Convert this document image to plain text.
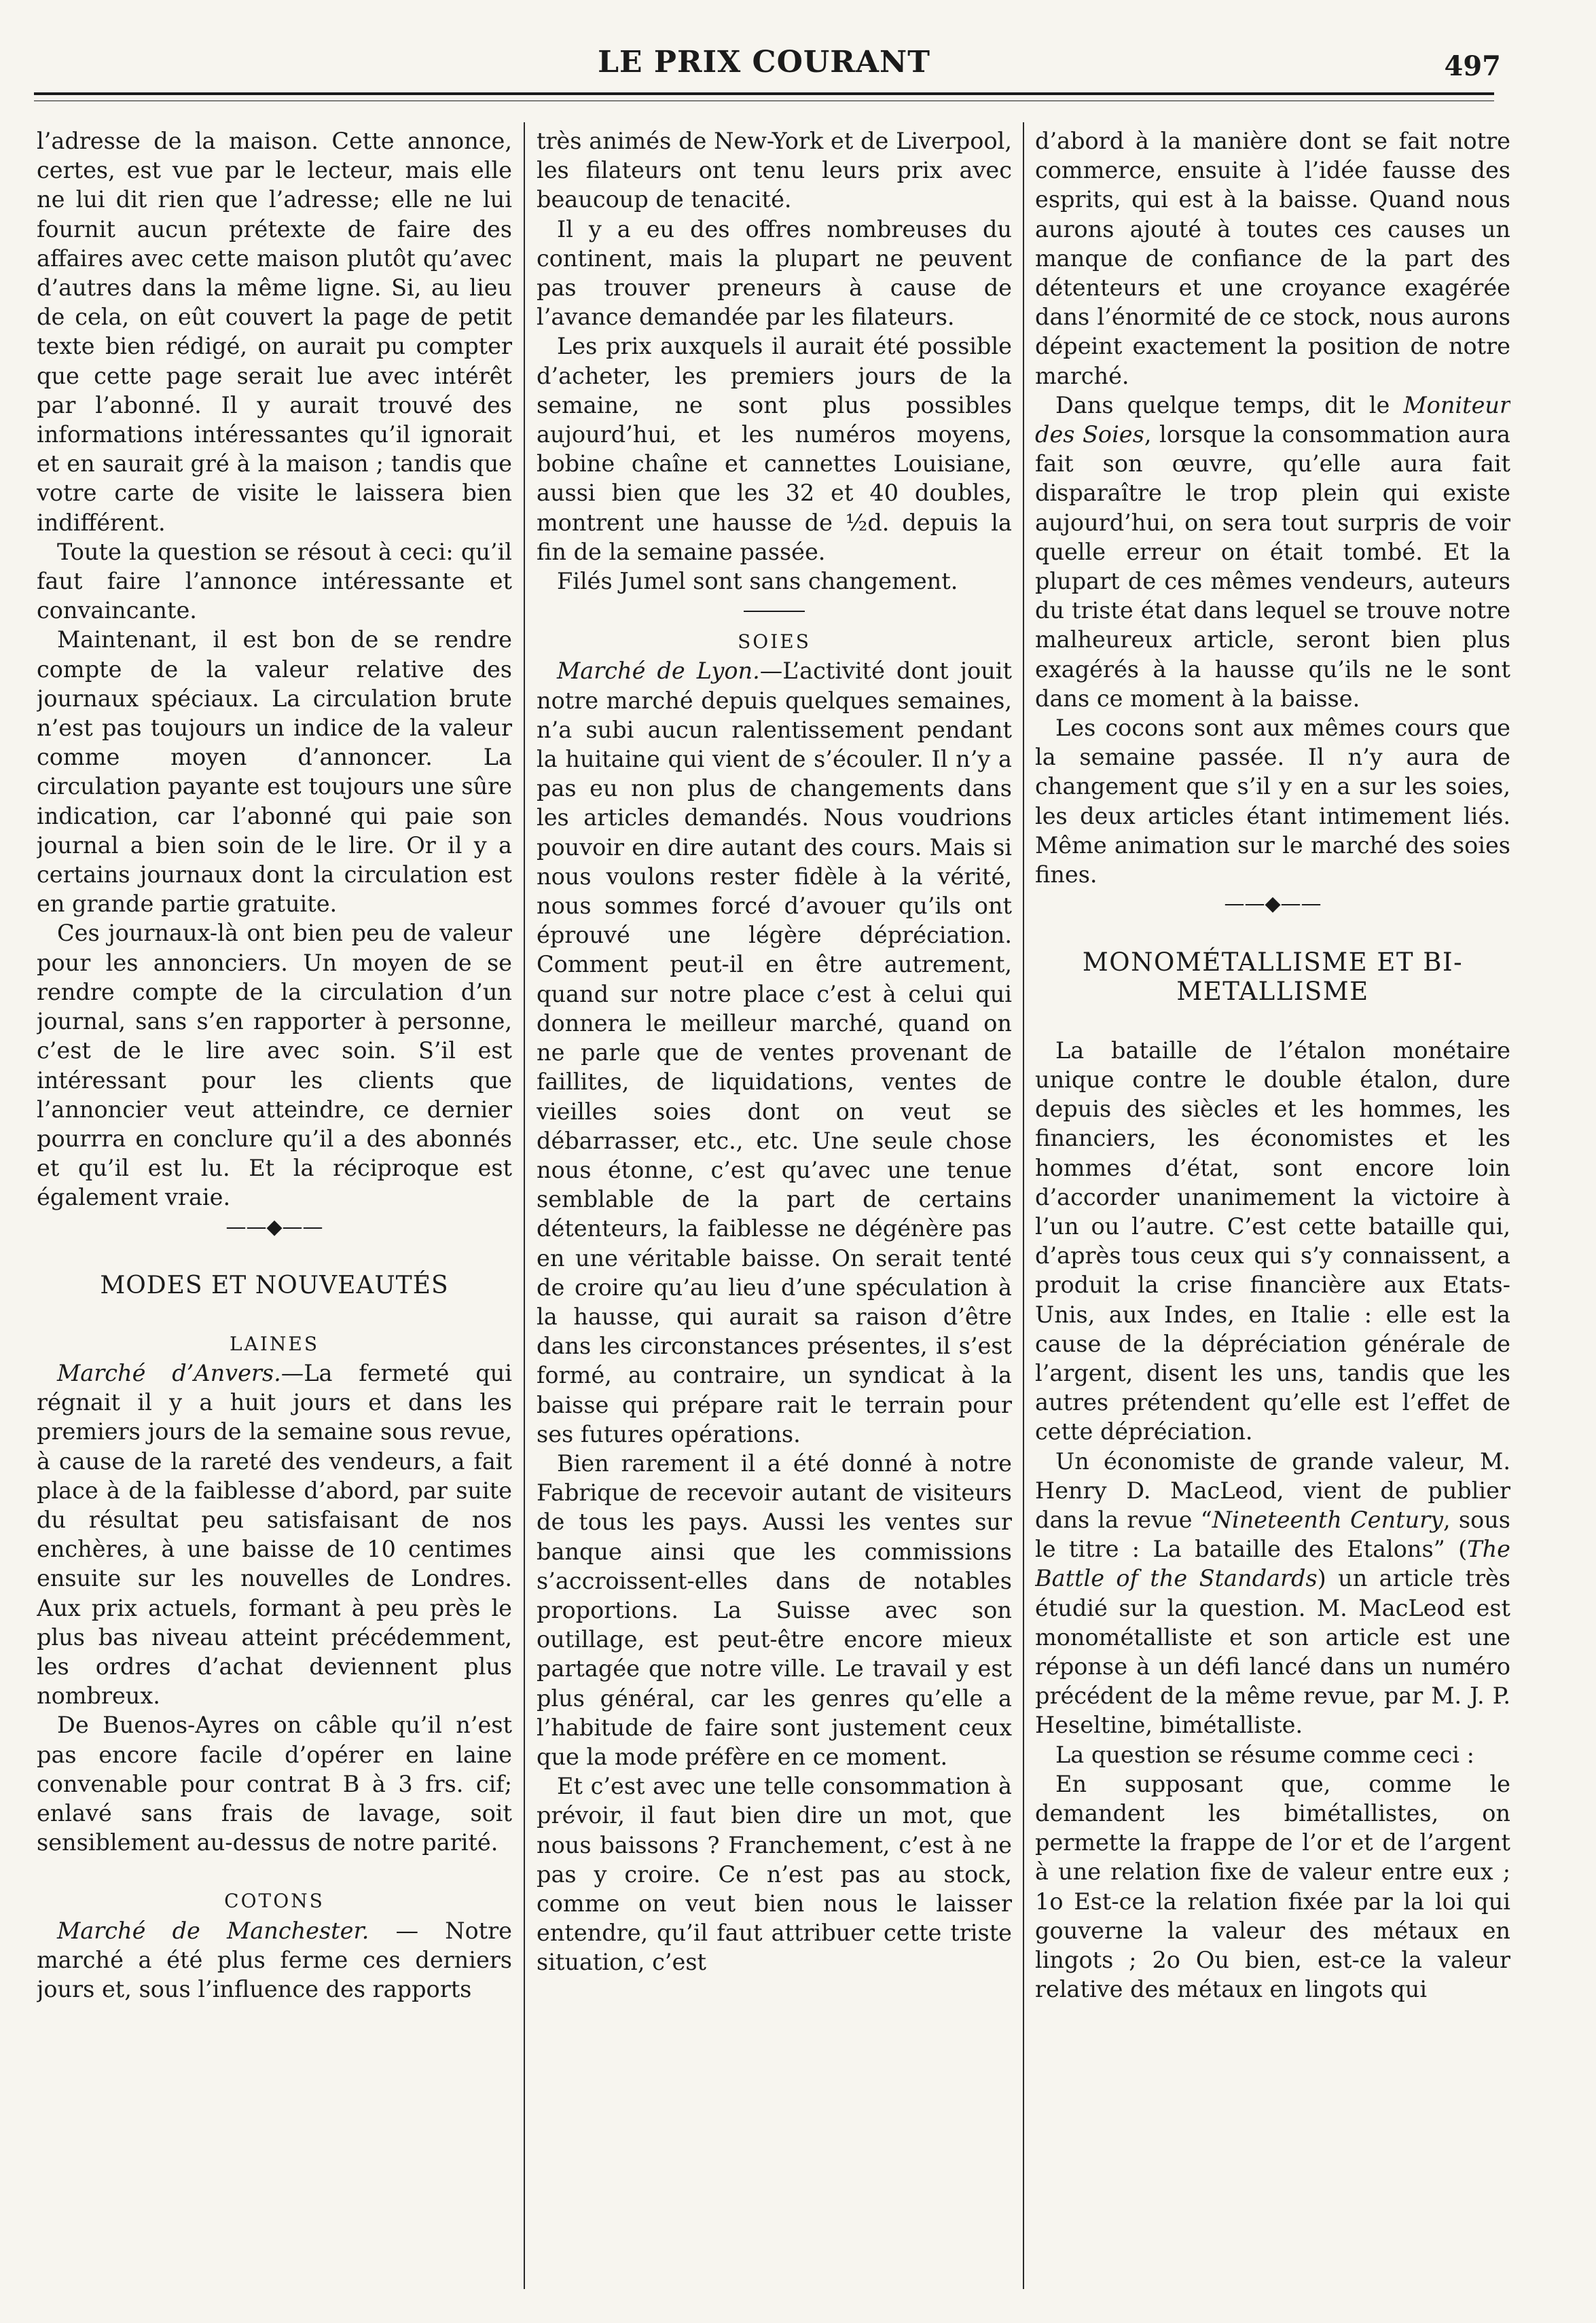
LE PRIX COURANT	497

l’adresse de la maison. Cette annonce, certes, est vue par le lecteur, mais elle ne lui dit rien que l’adresse; elle ne lui fournit aucun prétexte de faire des affaires avec cette maison plutôt qu’avec d’autres dans la même ligne. Si, au lieu de cela, on eût couvert la page de petit texte bien rédigé, on aurait pu compter que cette page serait lue avec intérêt par l’abonné. Il y aurait trouvé des informations intéressantes qu’il ignorait et en saurait gré à la maison ; tandis que votre carte de visite le laissera bien indifférent.

Toute la question se résout à ceci: qu’il faut faire l’annonce intéressante et convaincante.

Maintenant, il est bon de se rendre compte de la valeur relative des journaux spéciaux. La circulation brute n’est pas toujours un indice de la valeur comme moyen d’annoncer. La circulation payante est toujours une sûre indication, car l’abonné qui paie son journal a bien soin de le lire. Or il y a certains journaux dont la circulation est en grande partie gratuite.

Ces journaux-là ont bien peu de valeur pour les annonciers. Un moyen de se rendre compte de la circulation d’un journal, sans s’en rapporter à personne, c’est de le lire avec soin. S’il est intéressant pour les clients que l’annoncier veut atteindre, ce dernier pourrra en conclure qu’il a des abonnés et qu’il est lu. Et la réciproque est également vraie.

——◆——

MODES ET NOUVEAUTÉS

LAINES

Marché d’Anvers.—La fermeté qui régnait il y a huit jours et dans les premiers jours de la semaine sous revue, à cause de la rareté des vendeurs, a fait place à de la faiblesse d’abord, par suite du résultat peu satisfaisant de nos enchères, à une baisse de 10 centimes ensuite sur les nouvelles de Londres. Aux prix actuels, formant à peu près le plus bas niveau atteint précédemment, les ordres d’achat deviennent plus nombreux.

De Buenos-Ayres on câble qu’il n’est pas encore facile d’opérer en laine convenable pour contrat B à 3 frs. cif; enlavé sans frais de lavage, soit sensiblement au-dessus de notre parité.

COTONS

Marché de Manchester. — Notre marché a été plus ferme ces derniers jours et, sous l’influence des rapports

très animés de New-York et de Liverpool, les filateurs ont tenu leurs prix avec beaucoup de tenacité.

Il y a eu des offres nombreuses du continent, mais la plupart ne peuvent pas trouver preneurs à cause de l’avance demandée par les filateurs.

Les prix auxquels il aurait été possible d’acheter, les premiers jours de la semaine, ne sont plus possibles aujourd’hui, et les numéros moyens, bobine chaîne et cannettes Louisiane, aussi bien que les 32 et 40 doubles, montrent une hausse de ½d. depuis la fin de la semaine passée.

Filés Jumel sont sans changement.

SOIES

Marché de Lyon.—L’activité dont jouit notre marché depuis quelques semaines, n’a subi aucun ralentissement pendant la huitaine qui vient de s’écouler. Il n’y a pas eu non plus de changements dans les articles demandés. Nous voudrions pouvoir en dire autant des cours. Mais si nous voulons rester fidèle à la vérité, nous sommes forcé d’avouer qu’ils ont éprouvé une légère dépréciation. Comment peut-il en être autrement, quand sur notre place c’est à celui qui donnera le meilleur marché, quand on ne parle que de ventes provenant de faillites, de liquidations, ventes de vieilles soies dont on veut se débarrasser, etc., etc. Une seule chose nous étonne, c’est qu’avec une tenue semblable de la part de certains détenteurs, la faiblesse ne dégénère pas en une véritable baisse. On serait tenté de croire qu’au lieu d’une spéculation à la hausse, qui aurait sa raison d’être dans les circonstances présentes, il s’est formé, au contraire, un syndicat à la baisse qui prépare rait le terrain pour ses futures opérations.

Bien rarement il a été donné à notre Fabrique de recevoir autant de visiteurs de tous les pays. Aussi les ventes sur banque ainsi que les commissions s’accroissent-elles dans de notables proportions. La Suisse avec son outillage, est peut-être encore mieux partagée que notre ville. Le travail y est plus général, car les genres qu’elle a l’habitude de faire sont justement ceux que la mode préfère en ce moment.

Et c’est avec une telle consommation à prévoir, il faut bien dire un mot, que nous baissons ? Franchement, c’est à ne pas y croire. Ce n’est pas au stock, comme on veut bien nous le laisser entendre, qu’il faut attribuer cette triste situation, c’est

d’abord à la manière dont se fait notre commerce, ensuite à l’idée fausse des esprits, qui est à la baisse. Quand nous aurons ajouté à toutes ces causes un manque de confiance de la part des détenteurs et une croyance exagérée dans l’énormité de ce stock, nous aurons dépeint exactement la position de notre marché.

Dans quelque temps, dit le Moniteur des Soies, lorsque la consommation aura fait son œuvre, qu’elle aura fait disparaître le trop plein qui existe aujourd’hui, on sera tout surpris de voir quelle erreur on était tombé. Et la plupart de ces mêmes vendeurs, auteurs du triste état dans lequel se trouve notre malheureux article, seront bien plus exagérés à la hausse qu’ils ne le sont dans ce moment à la baisse.

Les cocons sont aux mêmes cours que la semaine passée. Il n’y aura de changement que s’il y en a sur les soies, les deux articles étant intimement liés. Même animation sur le marché des soies fines.

——◆——

MONOMÉTALLISME ET BI-

METALLISME

La bataille de l’étalon monétaire unique contre le double étalon, dure depuis des siècles et les hommes, les financiers, les économistes et les hommes d’état, sont encore loin d’accorder unanimement la victoire à l’un ou l’autre. C’est cette bataille qui, d’après tous ceux qui s’y connaissent, a produit la crise financière aux Etats-Unis, aux Indes, en Italie : elle est la cause de la dépréciation générale de l’argent, disent les uns, tandis que les autres prétendent qu’elle est l’effet de cette dépréciation.

Un économiste de grande valeur, M. Henry D. MacLeod, vient de publier dans la revue “Nineteenth Century, sous le titre : La bataille des Etalons” (The Battle of the Standards) un article très étudié sur la question. M. MacLeod est monométalliste et son article est une réponse à un défi lancé dans un numéro précédent de la même revue, par M. J. P. Heseltine, bimétalliste.

La question se résume comme ceci :

En supposant que, comme le demandent les bimétallistes, on permette la frappe de l’or et de l’argent à une relation fixe de valeur entre eux ; 1o Est-ce la relation fixée par la loi qui gouverne la valeur des métaux en lingots ; 2o Ou bien, est-ce la valeur relative des métaux en lingots qui
